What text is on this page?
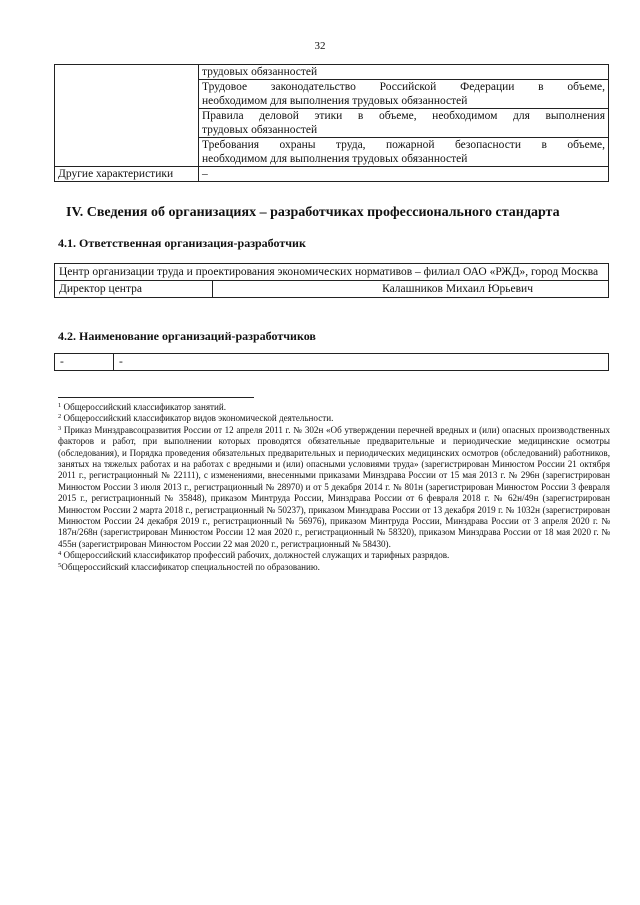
32
	трудовых обязанностей

	Трудовое законодательство Российской Федерации в объеме,
необходимом для выполнения трудовых обязанностей

	Правила деловой этики в объеме, необходимом для выполнения
трудовых обязанностей

	Требования охраны труда, пожарной безопасности в объеме,
необходимом для выполнения трудовых обязанностей
Другие характеристики	–
IV. Сведения об организациях – разработчиках профессионального стандарта
4.1. Ответственная организация-разработчик
Центр организации труда и проектирования экономических нормативов – филиал ОАО «РЖД», город Москва
Директор центра	Калашников Михаил Юрьевич
4.2. Наименование организаций-разработчиков
-	-

$^1$ Общероссийский классификатор занятий.

$^2$ Общероссийский классификатор видов экономической деятельности.

$^3$ Приказ Минздравсоцразвития России от 12 апреля 2011 г. № 302н «Об утверждении перечней вредных и (или) опасных производственных факторов и работ, при выполнении которых проводятся обязательные предварительные и периодические медицинские осмотры (обследования), и Порядка проведения обязательных предварительных и периодических медицинских осмотров (обследований) работников, занятых на тяжелых работах и на работах с вредными и (или) опасными условиями труда» (зарегистрирован Минюстом России 21 октября 2011 г., регистрационный № 22111), с изменениями, внесенными приказами Минздрава России от 15 мая 2013 г. № 296н (зарегистрирован Минюстом России 3 июля 2013 г., регистрационный № 28970) и от 5 декабря 2014 г. № 801н (зарегистрирован Минюстом России 3 февраля 2015 г., регистрационный № 35848), приказом Минтруда России, Минздрава России от 6 февраля 2018 г. № 62н/49н (зарегистрирован Минюстом России 2 марта 2018 г., регистрационный № 50237), приказом Минздрава России от 13 декабря 2019 г. № 1032н (зарегистрирован Минюстом России 24 декабря 2019 г., регистрационный № 56976), приказом Минтруда России, Минздрава России от 3 апреля 2020 г. № 187н/268н (зарегистрирован Минюстом России 12 мая 2020 г., регистрационный № 58320), приказом Минздрава России от 18 мая 2020 г. № 455н (зарегистрирован Минюстом России 22 мая 2020 г., регистрационный № 58430).

$^4$ Общероссийский классификатор профессий рабочих, должностей служащих и тарифных разрядов.

$^5$Общероссийский классификатор специальностей по образованию.
